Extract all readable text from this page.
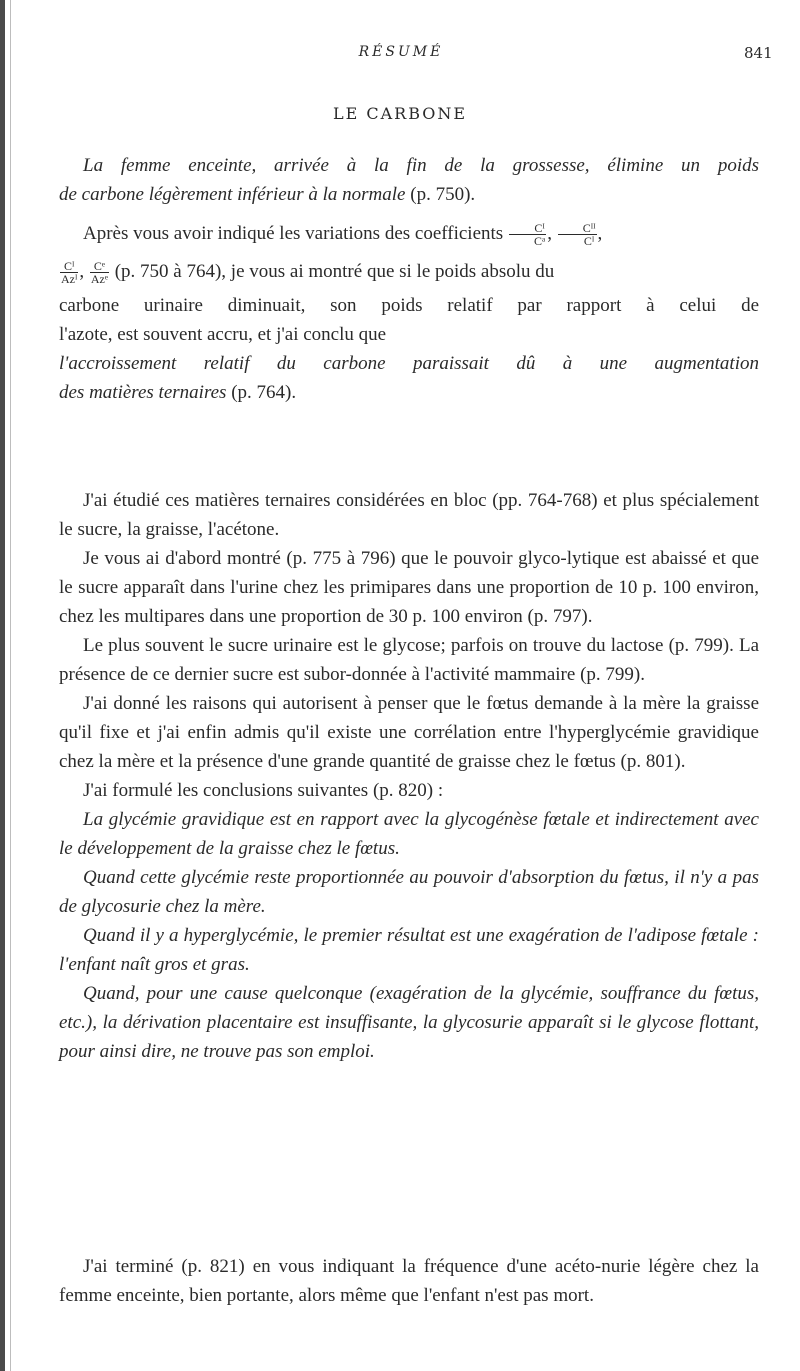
RÉSUMÉ	841
LE CARBONE

La femme enceinte, arrivée à la fin de la grossesse, élimine un poids

de carbone légèrement inférieur à la normale (p. 750).

Après vous avoir indiqué les variations des coefficients $\frac{\text{Cᴵ}}{\text{Cᵃ}}$ , $\frac{\text{Cᴵᴵ}}{\text{Cᴵ}}$ ,

$\frac{\text{Cᴵ}}{\text{Azᴵ}}$ , $\frac{\text{Cᵉ}}{\text{Azᵉ}} (p$. 750 à 764), je vous ai montré que si le poids absolu du

carbone urinaire diminuait, son poids relatif par rapport à celui de

l'azote, est souvent accru, et j'ai conclu que

l'accroissement relatif du carbone paraissait dû à une augmentation

des matières ternaires (p. 764).

J'ai étudié ces matières ternaires considérées en bloc (pp. 764-768) et plus spécialement le sucre, la graisse, l'acétone.

Je vous ai d'abord montré (p. 775 à 796) que le pouvoir glyco-lytique est abaissé et que le sucre apparaît dans l'urine chez les primipares dans une proportion de 10 p. 100 environ, chez les multipares dans une proportion de 30 p. 100 environ (p. 797).

Le plus souvent le sucre urinaire est le glycose; parfois on trouve du lactose (p. 799). La présence de ce dernier sucre est subor-donnée à l'activité mammaire (p. 799).

J'ai donné les raisons qui autorisent à penser que le fœtus demande à la mère la graisse qu'il fixe et j'ai enfin admis qu'il existe une corrélation entre l'hyperglycémie gravidique chez la mère et la présence d'une grande quantité de graisse chez le fœtus (p. 801).

J'ai formulé les conclusions suivantes (p. 820) :

La glycémie gravidique est en rapport avec la glycogénèse fœtale et indirectement avec le développement de la graisse chez le fœtus.

Quand cette glycémie reste proportionnée au pouvoir d'absorption du fœtus, il n'y a pas de glycosurie chez la mère.

Quand il y a hyperglycémie, le premier résultat est une exagération de l'adipose fœtale : l'enfant naît gros et gras.

Quand, pour une cause quelconque (exagération de la glycémie, souffrance du fœtus, etc.), la dérivation placentaire est insuffisante, la glycosurie apparaît si le glycose flottant, pour ainsi dire, ne trouve pas son emploi.

J'ai terminé (p. 821) en vous indiquant la fréquence d'une acéto-nurie légère chez la femme enceinte, bien portante, alors même que l'enfant n'est pas mort.
